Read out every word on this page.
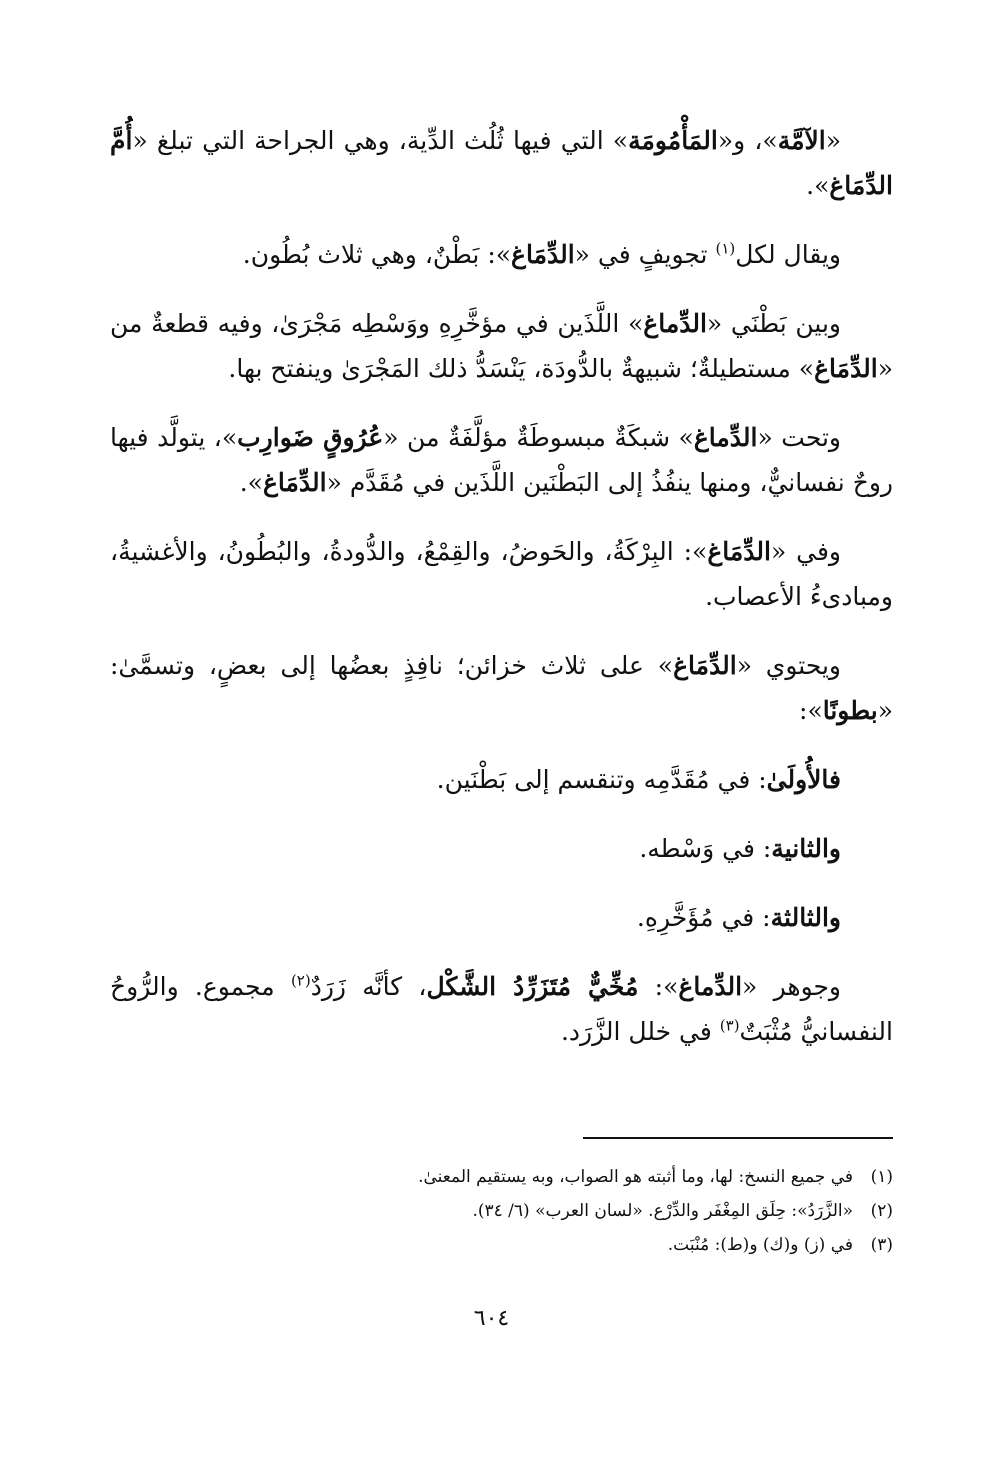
«الآمَّة»، و«المَأْمُومَة» التي فيها ثُلُث الدِّية، وهي الجراحة التي تبلغ «أُمَّ الدِّمَاغ».

ويقال لكل$^{(١)}$ تجويفٍ في «الدِّمَاغ»: بَطْنٌ، وهي ثلاث بُطُون.

وبين بَطْنَي «الدِّماغ» اللَّذَين في مؤخَّرِهِ ووَسْطِه مَجْرَىٰ، وفيه قطعةٌ من «الدِّمَاغ» مستطيلةٌ؛ شبيهةٌ بالدُّودَة، يَنْسَدُّ ذلك المَجْرَىٰ وينفتح بها.

وتحت «الدِّماغ» شبكَةٌ مبسوطَةٌ مؤلَّفَةٌ من «عُرُوقٍ ضَوارِب»، يتولَّد فيها روحٌ نفسانيٌّ، ومنها ينفُذُ إلى البَطْنَين اللَّذَين في مُقَدَّم «الدِّمَاغ».

وفي «الدِّمَاغ»: البِرْكَةُ، والحَوضُ، والقِمْعُ، والدُّودةُ، والبُطُونُ، والأغشيةُ، ومبادىءُ الأعصاب.

ويحتوي «الدِّمَاغ» على ثلاث خزائن؛ نافِذٍ بعضُها إلى بعضٍ، وتسمَّىٰ: «بطونًا»:

فالأُولَىٰ: في مُقَدَّمِه وتنقسم إلى بَطْنَين.

والثانية: في وَسْطه.

والثالثة: في مُؤَخَّرِهِ.

وجوهر «الدِّماغ»: مُخِّيٌّ مُتَزَرِّدُ الشَّكْل، كأنَّه زَرَدٌ$^{(٢)}$ مجموع. والرُّوحُ النفسانيُّ مُثْبَتٌ$^{(٣)}$ في خلل الزَّرَد.

(١)في جميع النسخ: لها، وما أثبته هو الصواب، وبه يستقيم المعنىٰ.

(٢)«الزَّرَدُ»: حِلَق المِغْفَر والدِّرْع. «لسان العرب» (٦/ ٣٤).

(٣)في (ز) و(ك) و(ط): مُنْبَت.

٦٠٤
